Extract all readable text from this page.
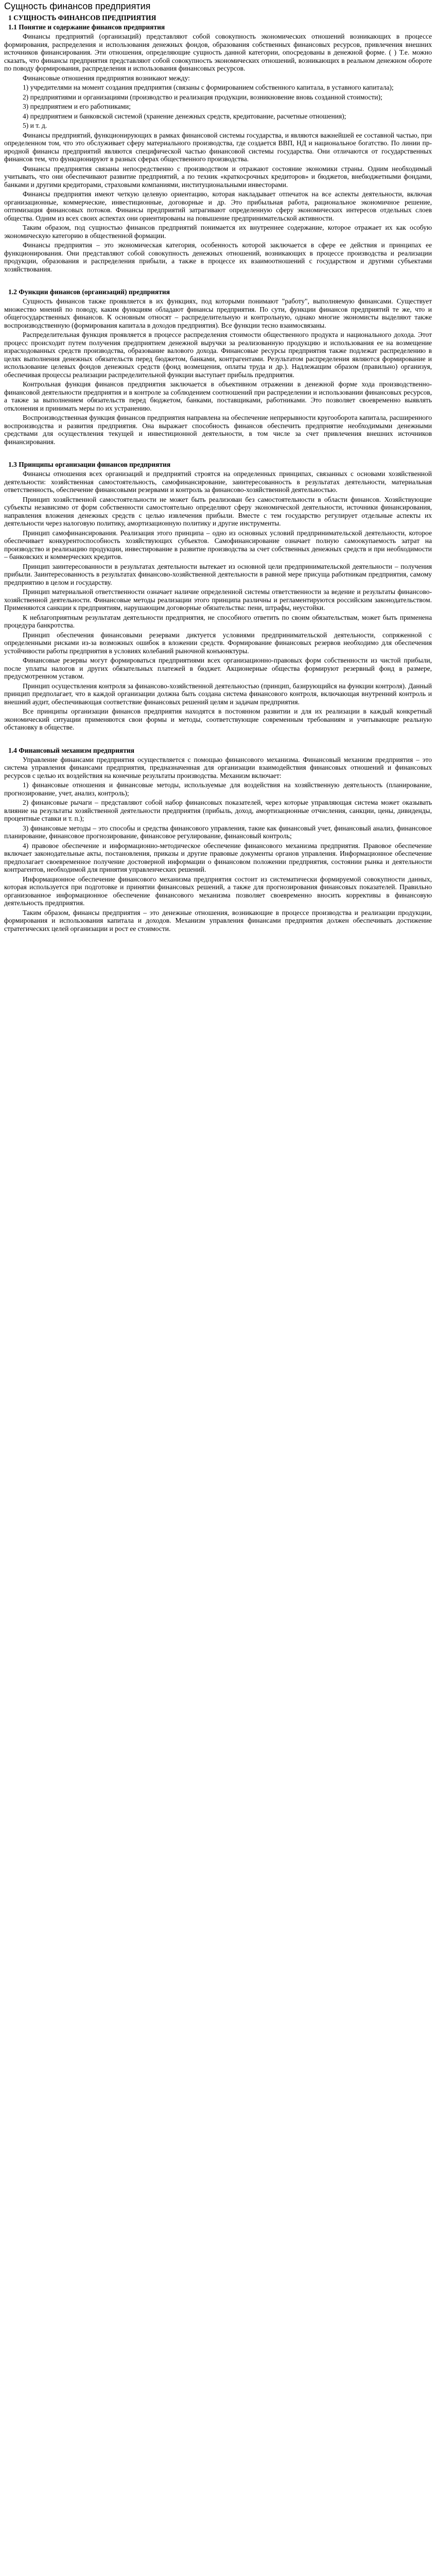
Сущность финансов предприятия
1 СУЩНОСТЬ ФИНАНСОВ ПРЕДПРИЯТИЯ
1.1 Понятие и содержание финансов предприятия

Финансы предприятий (организаций) представляют собой совокупность экономических отношений возникающих в процессе формирования, распределения и использования денежных фондов, образования собственных финансовых ресурсов, привлечения внешних источников финансирования. Эти отношения, определяющие сущность данной категории, опосредованы в денежной форме. ( ) Т.е. можно сказать, что финансы предприятия представляют собой совокупность экономических отношений, возникающих в реальном денежном обороте по поводу формирования, распределения и использования финансовых ресурсов.

Финансовые отношения предприятия возникают между:

1) учредителями на момент создания предприятия (связаны с формированием собственного капитала, в уставного капитала);

2) предприятиями и организациями (производство и реализация продукции, возникновение вновь созданной стоимости);

3) предприятием и его работниками;

4) предприятием и банковской системой (хранение денежных средств, кредитование, расчетные отношения);

5) и т. д.

Финансы предприятий, функционирующих в рамках финансовой системы государства, и являются важнейшей ее составной частью, при определенном том, что это обслуживает сферу материального производства, где создается ВВП, НД и национальное богатство. По линии природной финансы предприятий являются специфической частью финансовой системы государства. Они отличаются от государственных финансов тем, что функционируют в разных сферах общественного производства.

Финансы предприятия связаны непосредственно с производством и отражают состояние экономики страны. Одним необходимый учитывать, что они обеспечивают развитие предприятий, а по техник «краткосрочных кредиторов» и бюджетов, внебюджетными фондами, банками и другими кредиторами, страховыми компаниями, институциональными инвесторами.

Финансы предприятия имеют четкую целевую ориентацию, которая накладывает отпечаток на все аспекты деятельности, включая организационные, коммерческие, инвестиционные, договорные и др. Это прибыльная работа, рациональное экономичное решение, оптимизация финансовых потоков. Финансы предприятий затрагивают определенную сферу экономических интересов отдельных слоев общества. Одним из всех своих аспектах они ориентированы на повышение предпринимательской активности.

Таким образом, под сущностью финансов предприятий понимается их внутреннее содержание, которое отражает их как особую экономическую категорию в общественной формации.

Финансы предприятия – это экономическая категория, особенность которой заключается в сфере ее действия и принципах ее функционирования. Они представляют собой совокупность денежных отношений, возникающих в процессе производства и реализации продукции, образования и распределения прибыли, а также в процессе их взаимоотношений с государством и другими субъектами хозяйствования.

1.2 Функции финансов (организаций) предприятия

Сущность финансов также проявляется в их функциях, под которыми понимают "работу", выполняемую финансами. Существует множество мнений по поводу, каким функциям обладают финансы предприятия. По сути, функции финансов предприятий те же, что и общегосударственных финансов. К основным относят – распределительную и контрольную, однако многие экономисты выделяют также воспроизводственную (формирования капитала в доходов предприятия). Все функции тесно взаимосвязаны.

Распределительная функция проявляется в процессе распределения стоимости общественного продукта и национального дохода. Этот процесс происходит путем получения предприятием денежной выручки за реализованную продукцию и использования ее на возмещение израсходованных средств производства, образование валового дохода. Финансовые ресурсы предприятия также подлежат распределению в целях выполнения денежных обязательств перед бюджетом, банками, контрагентами. Результатом распределения являются формирование и использование целевых фондов денежных средств (фонд возмещения, оплаты труда и др.). Надлежащим образом (правильно) организуя, обеспечивая процессы реализации распределительной функции выступает прибыль предприятия.

Контрольная функция финансов предприятия заключается в объективном отражении в денежной форме хода производственно-финансовой деятельности предприятия и в контроле за соблюдением соотношений при распределении и использовании финансовых ресурсов, а также за выполнением обязательств перед бюджетом, банками, поставщиками, работниками. Это позволяет своевременно выявлять отклонения и принимать меры по их устранению.

Воспроизводственная функция финансов предприятия направлена на обеспечение непрерывности кругооборота капитала, расширенного воспроизводства и развития предприятия. Она выражает способность финансов обеспечить предприятие необходимыми денежными средствами для осуществления текущей и инвестиционной деятельности, в том числе за счет привлечения внешних источников финансирования.

1.3 Принципы организации финансов предприятия

Финансы отношения всех организаций и предприятий строятся на определенных принципах, связанных с основами хозяйственной деятельности: хозяйственная самостоятельность, самофинансирование, заинтересованность в результатах деятельности, материальная ответственность, обеспечение финансовыми резервами и контроль за финансово-хозяйственной деятельностью.

Принцип хозяйственной самостоятельности не может быть реализован без самостоятельности в области финансов. Хозяйствующие субъекты независимо от форм собственности самостоятельно определяют сферу экономической деятельности, источники финансирования, направления вложения денежных средств с целью извлечения прибыли. Вместе с тем государство регулирует отдельные аспекты их деятельности через налоговую политику, амортизационную политику и другие инструменты.

Принцип самофинансирования. Реализация этого принципа – одно из основных условий предпринимательской деятельности, которое обеспечивает конкурентоспособность хозяйствующих субъектов. Самофинансирование означает полную самоокупаемость затрат на производство и реализацию продукции, инвестирование в развитие производства за счет собственных денежных средств и при необходимости – банковских и коммерческих кредитов.

Принцип заинтересованности в результатах деятельности вытекает из основной цели предпринимательской деятельности – получения прибыли. Заинтересованность в результатах финансово-хозяйственной деятельности в равной мере присуща работникам предприятия, самому предприятию в целом и государству.

Принцип материальной ответственности означает наличие определенной системы ответственности за ведение и результаты финансово-хозяйственной деятельности. Финансовые методы реализации этого принципа различны и регламентируются российским законодательством. Применяются санкции к предприятиям, нарушающим договорные обязательства: пени, штрафы, неустойки.

К неблагоприятным результатам деятельности предприятия, не способного ответить по своим обязательствам, может быть применена процедура банкротства.

Принцип обеспечения финансовыми резервами диктуется условиями предпринимательской деятельности, сопряженной с определенными рисками из-за возможных ошибок в вложении средств. Формирование финансовых резервов необходимо для обеспечения устойчивости работы предприятия в условиях колебаний рыночной конъюнктуры.

Финансовые резервы могут формироваться предприятиями всех организационно-правовых форм собственности из чистой прибыли, после уплаты налогов и других обязательных платежей в бюджет. Акционерные общества формируют резервный фонд в размере, предусмотренном уставом.

Принцип осуществления контроля за финансово-хозяйственной деятельностью (принцип, базирующийся на функции контроля). Данный принцип предполагает, что в каждой организации должна быть создана система финансового контроля, включающая внутренний контроль и внешний аудит, обеспечивающая соответствие финансовых решений целям и задачам предприятия.

Все принципы организации финансов предприятия находятся в постоянном развитии и для их реализации в каждый конкретный экономический ситуации применяются свои формы и методы, соответствующие современным требованиям и учитывающие реальную обстановку в обществе.

1.4 Финансовый механизм предприятия

Управление финансами предприятия осуществляется с помощью финансового механизма. Финансовый механизм предприятия – это система управления финансами предприятия, предназначенная для организации взаимодействия финансовых отношений и финансовых ресурсов с целью их воздействия на конечные результаты производства. Механизм включает:

1) финансовые отношения и финансовые методы, используемые для воздействия на хозяйственную деятельность (планирование, прогнозирование, учет, анализ, контроль);

2) финансовые рычаги – представляют собой набор финансовых показателей, через которые управляющая система может оказывать влияние на результаты хозяйственной деятельности предприятия (прибыль, доход, амортизационные отчисления, санкции, цены, дивиденды, процентные ставки и т. п.);

3) финансовые методы – это способы и средства финансового управления, такие как финансовый учет, финансовый анализ, финансовое планирование, финансовое прогнозирование, финансовое регулирование, финансовый контроль;

4) правовое обеспечение и информационно-методическое обеспечение финансового механизма предприятия. Правовое обеспечение включает законодательные акты, постановления, приказы и другие правовые документы органов управления. Информационное обеспечение предполагает своевременное получение достоверной информации о финансовом положении предприятия, состоянии рынка и деятельности контрагентов, необходимой для принятия управленческих решений.

Информационное обеспечение финансового механизма предприятия состоит из систематически формируемой совокупности данных, которая используется при подготовке и принятии финансовых решений, а также для прогнозирования финансовых показателей. Правильно организованное информационное обеспечение финансового механизма позволяет своевременно вносить коррективы в финансовую деятельность предприятия.

Таким образом, финансы предприятия – это денежные отношения, возникающие в процессе производства и реализации продукции, формирования и использования капитала и доходов. Механизм управления финансами предприятия должен обеспечивать достижение стратегических целей организации и рост ее стоимости.
